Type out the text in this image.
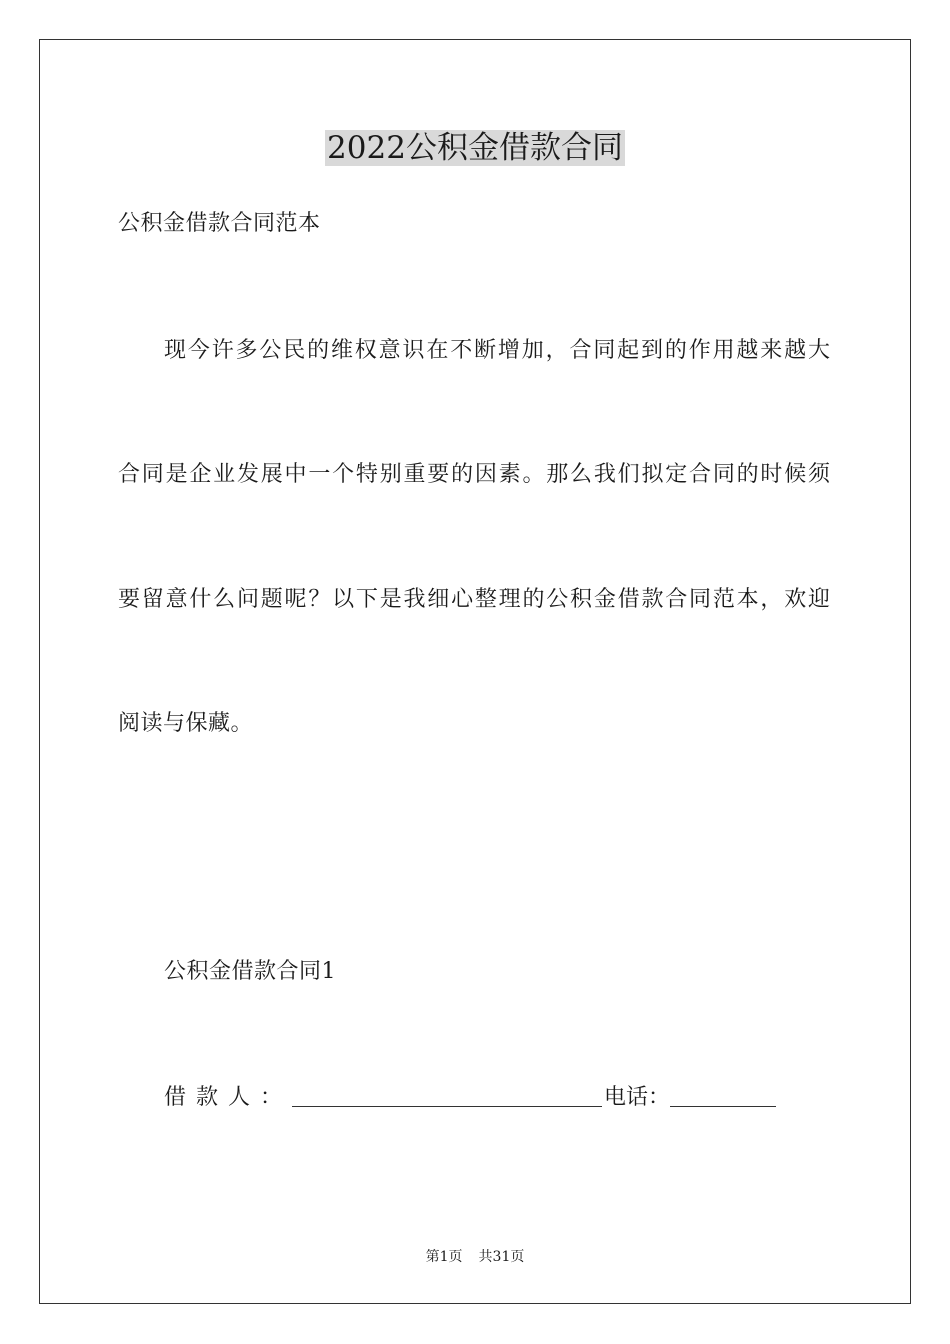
2022公积金借款合同
公积金借款合同范本
现今许多公民的维权意识在不断增加，合同起到的作用越来越大
合同是企业发展中一个特别重要的因素。那么我们拟定合同的时候须
要留意什么问题呢？以下是我细心整理的公积金借款合同范本，欢迎
阅读与保藏。
公积金借款合同1
借款人：	电话：
第1页 共31页
